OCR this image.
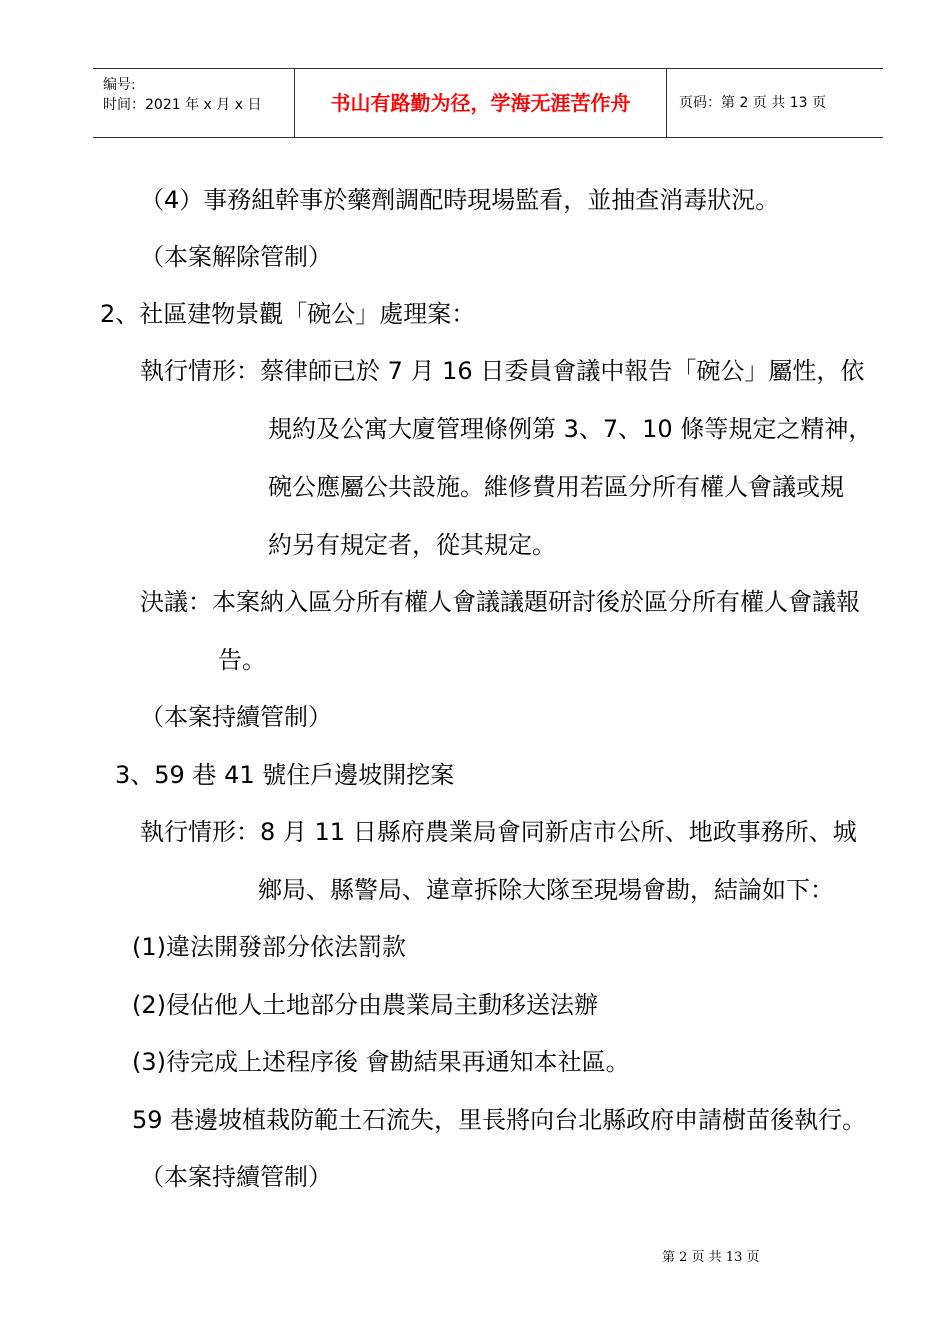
编号:
时间：2021 年 x 月 x 日	书山有路勤为径，学海无涯苦作舟	页码：第 2 页 共 13 页
（4）事務組幹事於藥劑調配時現場監看，並抽查消毒狀況。
（本案解除管制）
2、社區建物景觀「碗公」處理案：
執行情形：蔡律師已於 7 月 16 日委員會議中報告「碗公」屬性，依
規約及公寓大廈管理條例第 3、7、10 條等規定之精神，
碗公應屬公共設施。維修費用若區分所有權人會議或規
約另有規定者，從其規定。
決議：本案納入區分所有權人會議議題研討後於區分所有權人會議報
告。
（本案持續管制）
3、59 巷 41 號住戶邊坡開挖案
執行情形：8 月 11 日縣府農業局會同新店市公所、地政事務所、城
鄉局、縣警局、違章拆除大隊至現場會勘，結論如下：
(1)違法開發部分依法罰款
(2)侵佔他人土地部分由農業局主動移送法辦
(3)待完成上述程序後 會勘結果再通知本社區。
59 巷邊坡植栽防範土石流失，里長將向台北縣政府申請樹苗後執行。
（本案持續管制）
第 2 页 共 13 页
